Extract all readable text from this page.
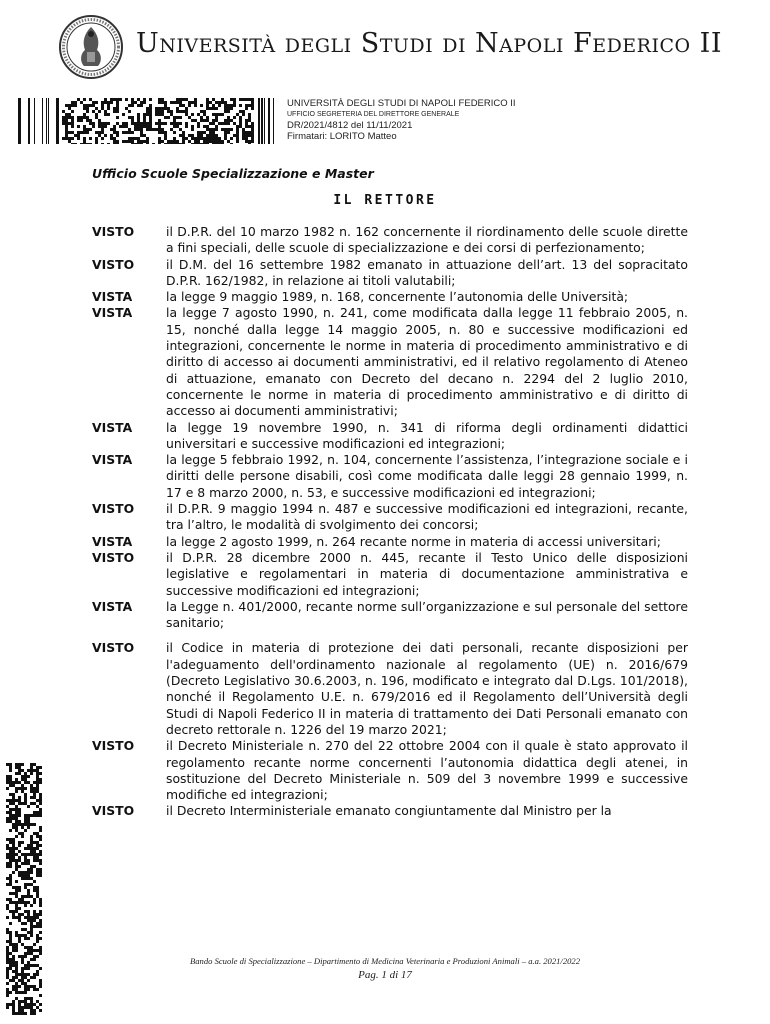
Università degli Studi di Napoli Federico II
UNIVERSITÀ DEGLI STUDI DI NAPOLI FEDERICO II
UFFICIO SEGRETERIA DEL DIRETTORE GENERALE
DR/2021/4812 del 11/11/2021
Firmatari: LORITO Matteo
Ufficio Scuole Specializzazione e Master
IL RETTORE
VISTO	il D.P.R. del 10 marzo 1982 n. 162 concernente il riordinamento delle scuole dirette a fini speciali, delle scuole di specializzazione e dei corsi di perfezionamento;
VISTO	il D.M. del 16 settembre 1982 emanato in attuazione dell’art. 13 del sopracitato D.P.R. 162/1982, in relazione ai titoli valutabili;
VISTA	la legge 9 maggio 1989, n. 168, concernente l’autonomia delle Università;
VISTA	la legge 7 agosto 1990, n. 241, come modificata dalla legge 11 febbraio 2005, n. 15, nonché dalla legge 14 maggio 2005, n. 80 e successive modificazioni ed integrazioni, concernente le norme in materia di procedimento amministrativo e di diritto di accesso ai documenti amministrativi, ed il relativo regolamento di Ateneo di attuazione, emanato con Decreto del decano n. 2294 del 2 luglio 2010, concernente le norme in materia di procedimento amministrativo e di diritto di accesso ai documenti amministrativi;
VISTA	la legge 19 novembre 1990, n. 341 di riforma degli ordinamenti didattici universitari e successive modificazioni ed integrazioni;
VISTA	la legge 5 febbraio 1992, n. 104, concernente l’assistenza, l’integrazione sociale e i diritti delle persone disabili, così come modificata dalle leggi 28 gennaio 1999, n. 17 e 8 marzo 2000, n. 53, e successive modificazioni ed integrazioni;
VISTO	il D.P.R. 9 maggio 1994 n. 487 e successive modificazioni ed integrazioni, recante, tra l’altro, le modalità di svolgimento dei concorsi;
VISTA	la legge 2 agosto 1999, n. 264 recante norme in materia di accessi universitari;
VISTO	il D.P.R. 28 dicembre 2000 n. 445, recante il Testo Unico delle disposizioni legislative e regolamentari in materia di documentazione amministrativa e successive modificazioni ed integrazioni;
VISTA	la Legge n. 401/2000, recante norme sull’organizzazione e sul personale del settore sanitario;
VISTO	il Codice in materia di protezione dei dati personali, recante disposizioni per l'adeguamento dell'ordinamento nazionale al regolamento (UE) n. 2016/679 (Decreto Legislativo 30.6.2003, n. 196, modificato e integrato dal D.Lgs. 101/2018), nonché il Regolamento U.E. n. 679/2016 ed il Regolamento dell’Università degli Studi di Napoli Federico II in materia di trattamento dei Dati Personali emanato con decreto rettorale n. 1226 del 19 marzo 2021;
VISTO	il Decreto Ministeriale n. 270 del 22 ottobre 2004 con il quale è stato approvato il regolamento recante norme concernenti l’autonomia didattica degli atenei, in sostituzione del Decreto Ministeriale n. 509 del 3 novembre 1999 e successive modifiche ed integrazioni;
VISTO	il Decreto Interministeriale emanato congiuntamente dal Ministro per la
Bando Scuole di Specializzazione – Dipartimento di Medicina Veterinaria e Produzioni Animali – a.a. 2021/2022
Pag. 1 di 17
